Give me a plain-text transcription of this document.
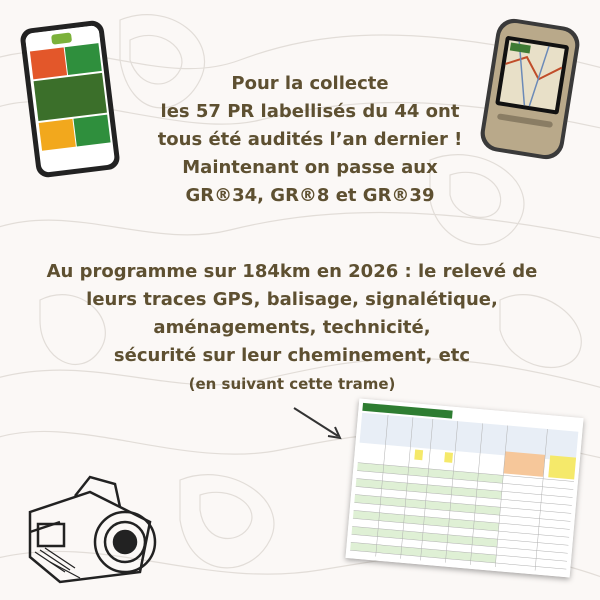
Pour la collecte
les 57 PR labellisés du 44 ont
tous été audités l’an dernier !
Maintenant on passe aux
GR®34, GR®8 et GR®39
Au programme sur 184km en 2026 : le relevé de
leurs traces GPS, balisage, signalétique,
aménagements, technicité,
sécurité sur leur cheminement, etc
(en suivant cette trame)
